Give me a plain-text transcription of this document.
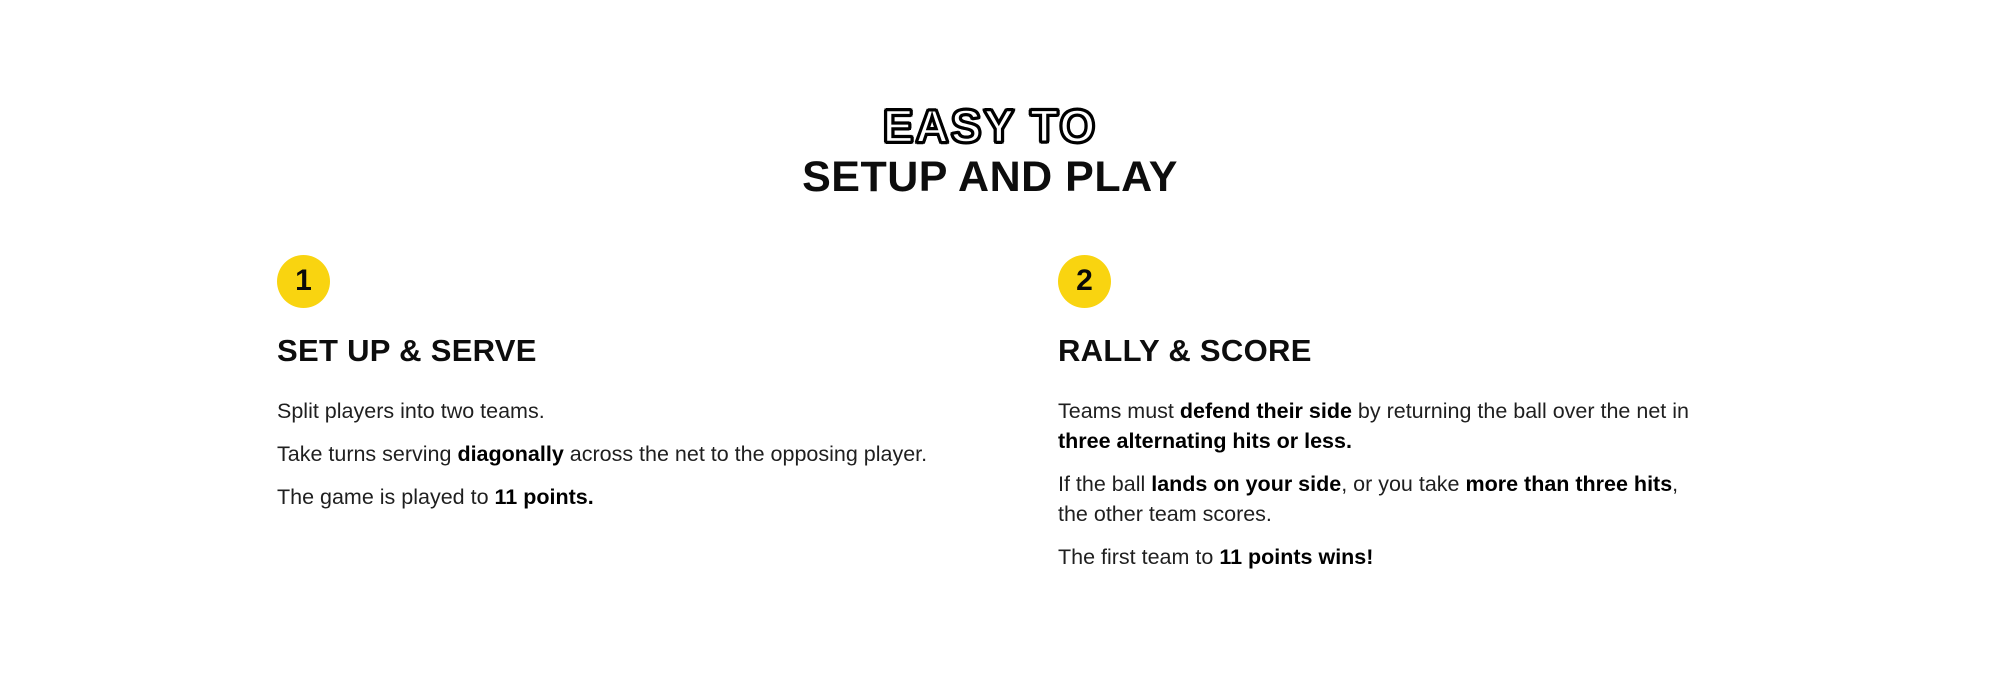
EASY TO
SETUP AND PLAY
1
SET UP & SERVE

Split players into two teams.

Take turns serving diagonally across the net to the opposing player.

The game is played to 11 points.

2
RALLY & SCORE

Teams must defend their side by returning the ball over the net in
three alternating hits or less.

If the ball lands on your side, or you take more than three hits,
the other team scores.

The first team to 11 points wins!
